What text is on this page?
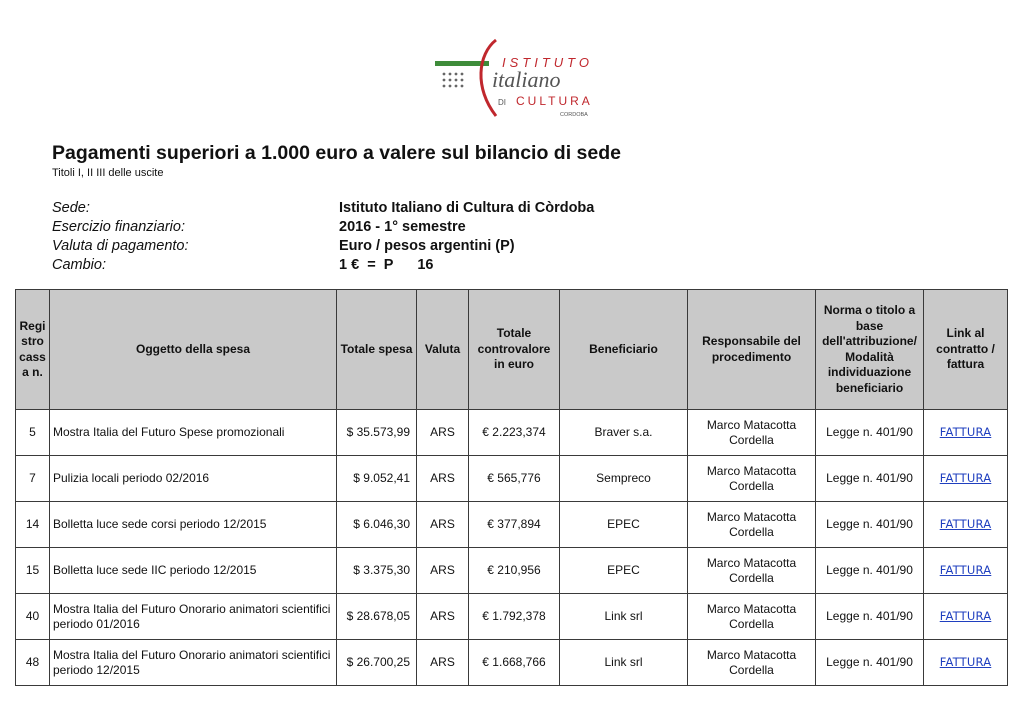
ISTITUTO
italiano
DI CULTURA
CORDOBA
Pagamenti superiori a 1.000 euro a valere sul bilancio di sede
Titoli I, II III delle uscite
Sede:	Istituto Italiano di Cultura di Còrdoba
Esercizio finanziario:	2016 - 1° semestre
Valuta di pagamento:	Euro / pesos argentini (P)
Cambio:	1 €  =  P      16
Regi stro cass a n.	Oggetto della spesa	Totale spesa	Valuta	Totale controvalore in euro	Beneficiario	Responsabile del procedimento	Norma o titolo a base dell'attribuzione/ Modalità individuazione beneficiario	Link al contratto / fattura
5	Mostra Italia del Futuro Spese promozionali	$ 35.573,99	ARS	€ 2.223,374	Braver s.a.	Marco Matacotta Cordella	Legge n. 401/90	FATTURA
7	Pulizia locali periodo 02/2016	$ 9.052,41	ARS	€ 565,776	Sempreco	Marco Matacotta Cordella	Legge n. 401/90	FATTURA
14	Bolletta luce sede corsi periodo 12/2015	$ 6.046,30	ARS	€ 377,894	EPEC	Marco Matacotta Cordella	Legge n. 401/90	FATTURA
15	Bolletta luce sede IIC periodo 12/2015	$ 3.375,30	ARS	€ 210,956	EPEC	Marco Matacotta Cordella	Legge n. 401/90	FATTURA
40	Mostra Italia del Futuro Onorario animatori scientifici periodo 01/2016	$ 28.678,05	ARS	€ 1.792,378	Link srl	Marco Matacotta Cordella	Legge n. 401/90	FATTURA
48	Mostra Italia del Futuro Onorario animatori scientifici periodo 12/2015	$ 26.700,25	ARS	€ 1.668,766	Link srl	Marco Matacotta Cordella	Legge n. 401/90	FATTURA
